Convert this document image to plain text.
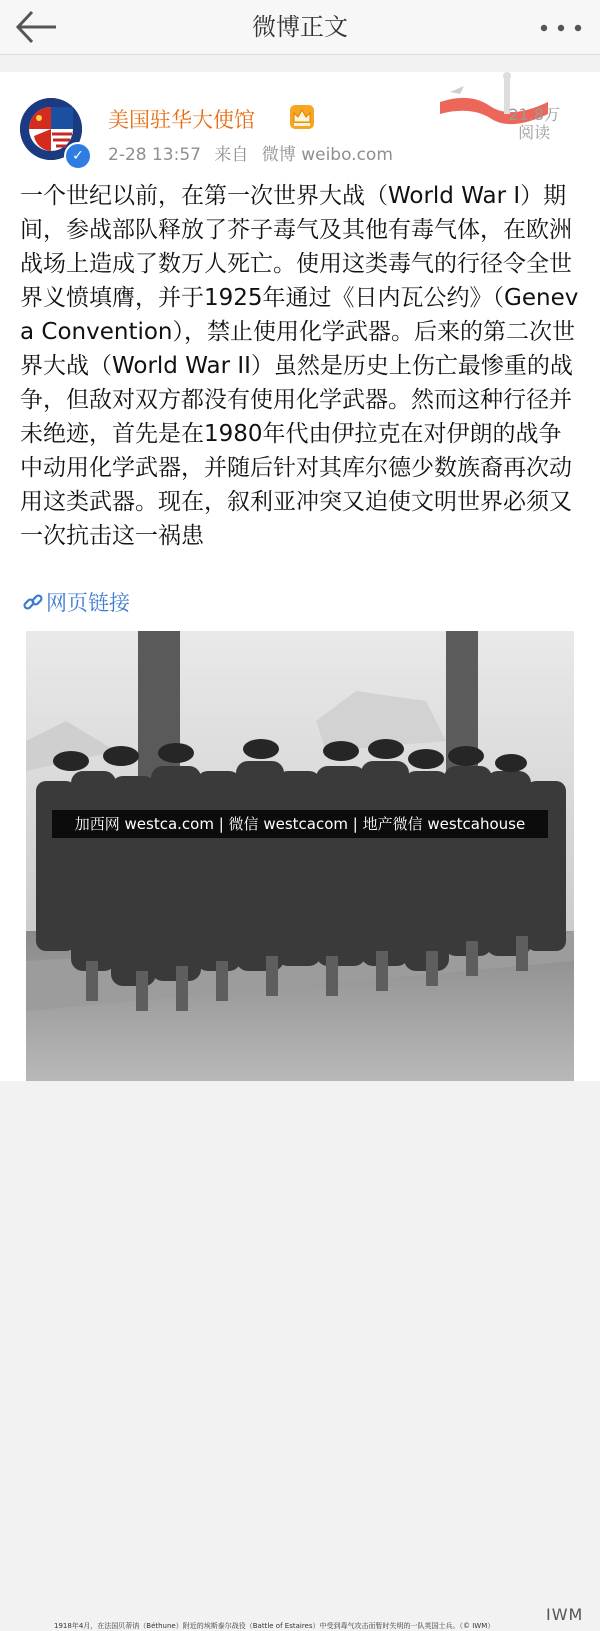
微博正文
✓
美国驻华大使馆
2-28 13:57 来自 微博 weibo.com
21.8万
阅读
一个世纪以前，在第一次世界大战（World War I）期间，参战部队释放了芥子毒气及其他有毒气体，在欧洲战场上造成了数万人死亡。使用这类毒气的行径令全世界义愤填膺，并于1925年通过《日内瓦公约》（Geneva Convention），禁止使用化学武器。后来的第二次世界大战（World War II）虽然是历史上伤亡最惨重的战争，但敌对双方都没有使用化学武器。然而这种行径并未绝迹，首先是在1980年代由伊拉克在对伊朗的战争中动用化学武器，并随后针对其库尔德少数族裔再次动用这类武器。现在，叙利亚冲突又迫使文明世界必须又一次抗击这一祸患
网页链接
IWM
1918年4月，在法国贝蒂讷（Béthune）附近的埃斯泰尔战役（Battle of Estaires）中受到毒气攻击而暂时失明的一队英国士兵。（© IWM）
加西网 westca.com | 微信 westcacom | 地产微信 westcahouse
